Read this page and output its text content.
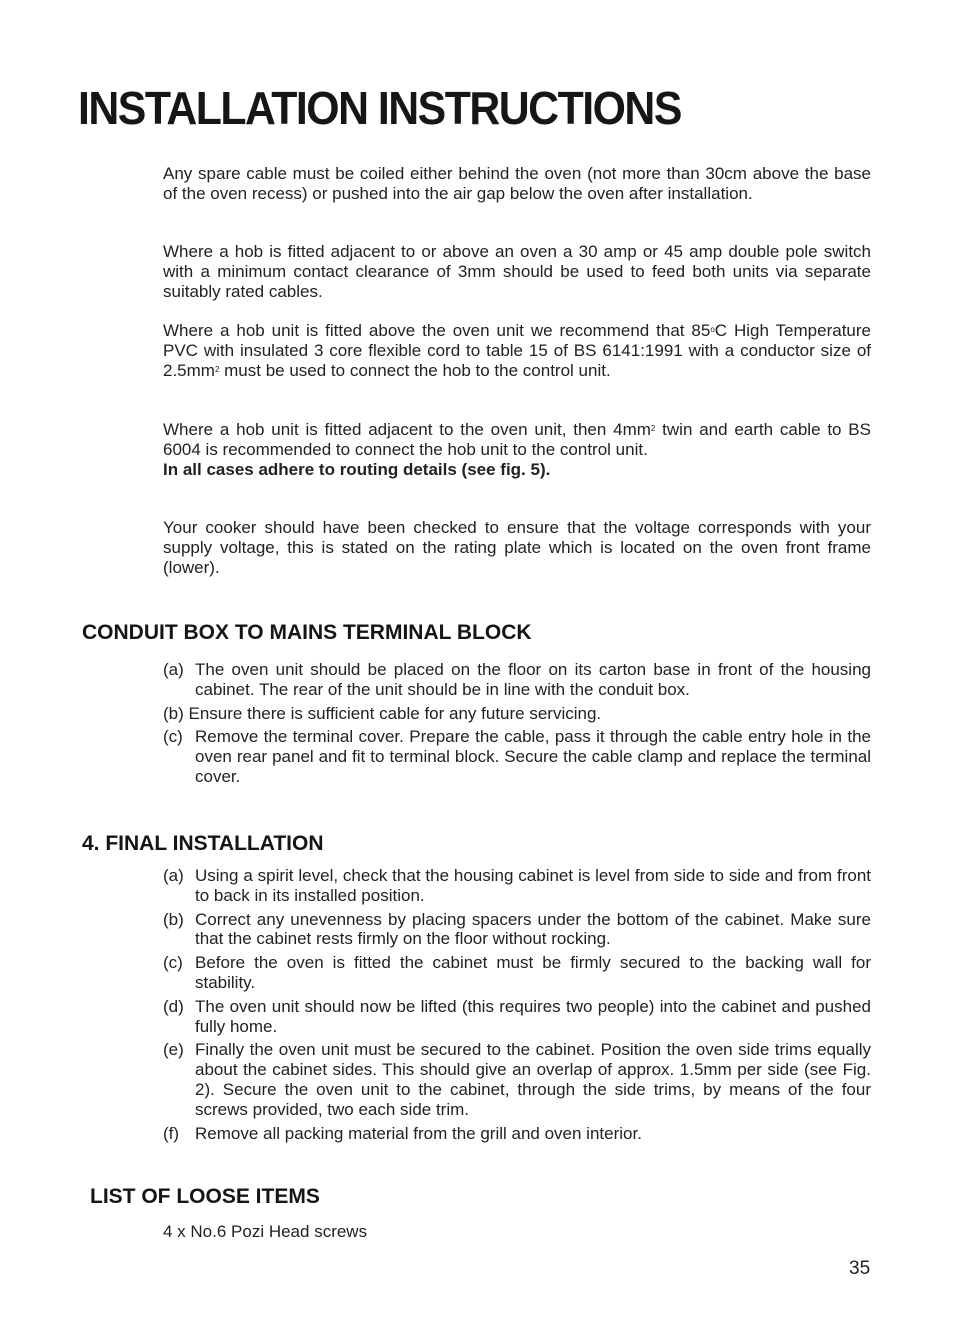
INSTALLATION INSTRUCTIONS

Any spare cable must be coiled either behind the oven (not more than 30cm above the base of the oven recess) or pushed into the air gap below the oven after installation.

Where a hob is fitted adjacent to or above an oven a 30 amp or 45 amp double pole switch with a minimum contact clearance of 3mm should be used to feed both units via separate suitably rated cables.

Where a hob unit is fitted above the oven unit we recommend that 85$^o$C High Temperature PVC with insulated 3 core flexible cord to table 15 of BS 6141:1991 with a conductor size of $2.5mm^2$ must be used to connect the hob to the control unit.

Where a hob unit is fitted adjacent to the oven unit, then $4mm^2$ twin and earth cable to BS 6004 is recommended to connect the hob unit to the control unit.
In all cases adhere to routing details (see fig. 5).

Your cooker should have been checked to ensure that the voltage corresponds with your supply voltage, this is stated on the rating plate which is located on the oven front frame (lower).

CONDUIT BOX TO MAINS TERMINAL BLOCK
(a) The oven unit should be placed on the floor on its carton base in front of the housing cabinet. The rear of the unit should be in line with the conduit box.
(b) Ensure there is sufficient cable for any future servicing.
(c) Remove the terminal cover. Prepare the cable, pass it through the cable entry hole in the oven rear panel and fit to terminal block. Secure the cable clamp and replace the terminal cover.
4. FINAL INSTALLATION
(a) Using a spirit level, check that the housing cabinet is level from side to side and from front to back in its installed position.
(b) Correct any unevenness by placing spacers under the bottom of the cabinet. Make sure that the cabinet rests firmly on the floor without rocking.
(c) Before the oven is fitted the cabinet must be firmly secured to the backing wall for stability.
(d) The oven unit should now be lifted (this requires two people) into the cabinet and pushed fully home.
(e) Finally the oven unit must be secured to the cabinet. Position the oven side trims equally about the cabinet sides. This should give an overlap of approx. 1.5mm per side (see Fig. 2). Secure the oven unit to the cabinet, through the side trims, by means of the four screws provided, two each side trim.
(f) Remove all packing material from the grill and oven interior.
LIST OF LOOSE ITEMS
4 x No.6 Pozi Head screws
35
